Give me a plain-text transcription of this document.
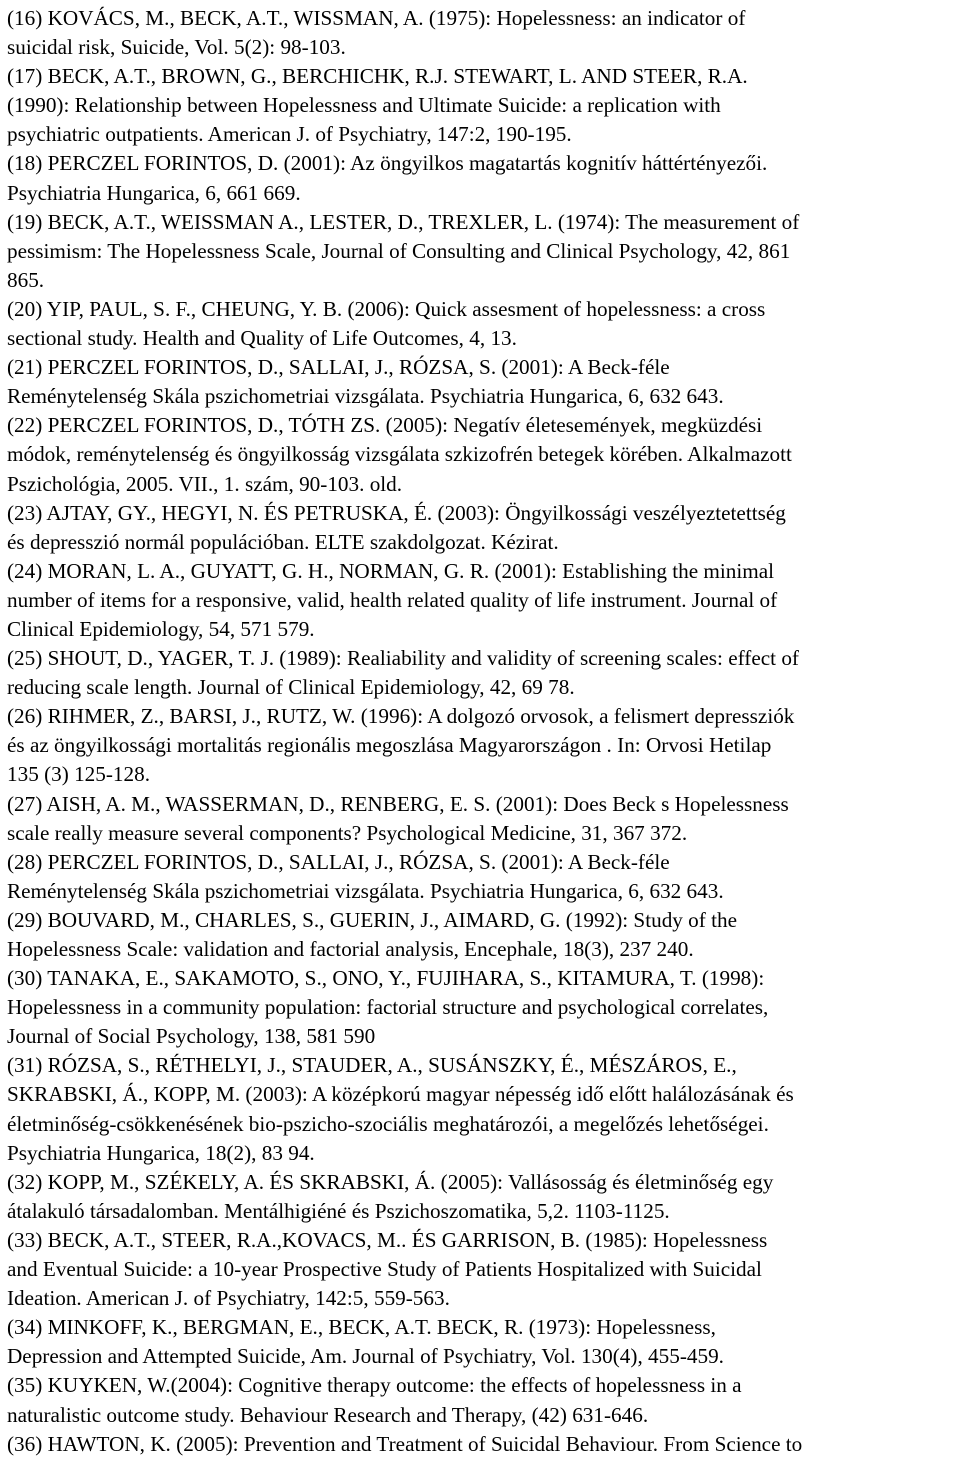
(16) KOVÁCS, M., BECK, A.T., WISSMAN, A. (1975): Hopelessness: an indicator of
suicidal risk, Suicide, Vol. 5(2): 98-103.
(17) BECK, A.T., BROWN, G., BERCHICHK, R.J. STEWART, L. AND STEER, R.A.
(1990): Relationship between Hopelessness and Ultimate Suicide: a replication with
psychiatric outpatients. American J. of Psychiatry, 147:2, 190-195.
(18) PERCZEL FORINTOS, D. (2001): Az öngyilkos magatartás kognitív háttértényezői.
Psychiatria Hungarica, 6, 661 669.
(19) BECK, A.T., WEISSMAN A., LESTER, D., TREXLER, L. (1974): The measurement of
pessimism: The Hopelessness Scale, Journal of Consulting and Clinical Psychology, 42, 861
865.
(20) YIP, PAUL, S. F., CHEUNG, Y. B. (2006): Quick assesment of hopelessness: a cross
sectional study. Health and Quality of Life Outcomes, 4, 13.
(21) PERCZEL FORINTOS, D., SALLAI, J., RÓZSA, S. (2001): A Beck-féle
Reménytelenség Skála pszichometriai vizsgálata. Psychiatria Hungarica, 6, 632 643.
(22) PERCZEL FORINTOS, D., TÓTH ZS. (2005): Negatív életesemények, megküzdési
módok, reménytelenség és öngyilkosság vizsgálata szkizofrén betegek körében. Alkalmazott
Pszichológia, 2005. VII., 1. szám, 90-103. old.
(23) AJTAY, GY., HEGYI, N. ÉS PETRUSKA, É. (2003): Öngyilkossági veszélyeztetettség
és depresszió normál populációban. ELTE szakdolgozat. Kézirat.
(24) MORAN, L. A., GUYATT, G. H., NORMAN, G. R. (2001): Establishing the minimal
number of items for a responsive, valid, health related quality of life instrument. Journal of
Clinical Epidemiology, 54, 571 579.
(25) SHOUT, D., YAGER, T. J. (1989): Realiability and validity of screening scales: effect of
reducing scale length. Journal of Clinical Epidemiology, 42, 69 78.
(26) RIHMER, Z., BARSI, J., RUTZ, W. (1996): A dolgozó orvosok, a felismert depressziók
és az öngyilkossági mortalitás regionális megoszlása Magyarországon . In: Orvosi Hetilap
135 (3) 125-128.
(27) AISH, A. M., WASSERMAN, D., RENBERG, E. S. (2001): Does Beck s Hopelessness
scale really measure several components? Psychological Medicine, 31, 367 372.
(28) PERCZEL FORINTOS, D., SALLAI, J., RÓZSA, S. (2001): A Beck-féle
Reménytelenség Skála pszichometriai vizsgálata. Psychiatria Hungarica, 6, 632 643.
(29) BOUVARD, M., CHARLES, S., GUERIN, J., AIMARD, G. (1992): Study of the
Hopelessness Scale: validation and factorial analysis, Encephale, 18(3), 237 240.
(30) TANAKA, E., SAKAMOTO, S., ONO, Y., FUJIHARA, S., KITAMURA, T. (1998):
Hopelessness in a community population: factorial structure and psychological correlates,
Journal of Social Psychology, 138, 581 590
(31) RÓZSA, S., RÉTHELYI, J., STAUDER, A., SUSÁNSZKY, É., MÉSZÁROS, E.,
SKRABSKI, Á., KOPP, M. (2003): A középkorú magyar népesség idő előtt halálozásának és
életminőség-csökkenésének bio-pszicho-szociális meghatározói, a megelőzés lehetőségei.
Psychiatria Hungarica, 18(2), 83 94.
(32) KOPP, M., SZÉKELY, A. ÉS SKRABSKI, Á. (2005): Vallásosság és életminőség egy
átalakuló társadalomban. Mentálhigiéné és Pszichoszomatika, 5,2. 1103-1125.
(33) BECK, A.T., STEER, R.A.,KOVACS, M.. ÉS GARRISON, B. (1985): Hopelessness
and Eventual Suicide: a 10-year Prospective Study of Patients Hospitalized with Suicidal
Ideation. American J. of Psychiatry, 142:5, 559-563.
(34) MINKOFF, K., BERGMAN, E., BECK, A.T. BECK, R. (1973): Hopelessness,
Depression and Attempted Suicide, Am. Journal of Psychiatry, Vol. 130(4), 455-459.
(35) KUYKEN, W.(2004): Cognitive therapy outcome: the effects of hopelessness in a
naturalistic outcome study. Behaviour Research and Therapy, (42) 631-646.
(36) HAWTON, K. (2005): Prevention and Treatment of Suicidal Behaviour. From Science to
